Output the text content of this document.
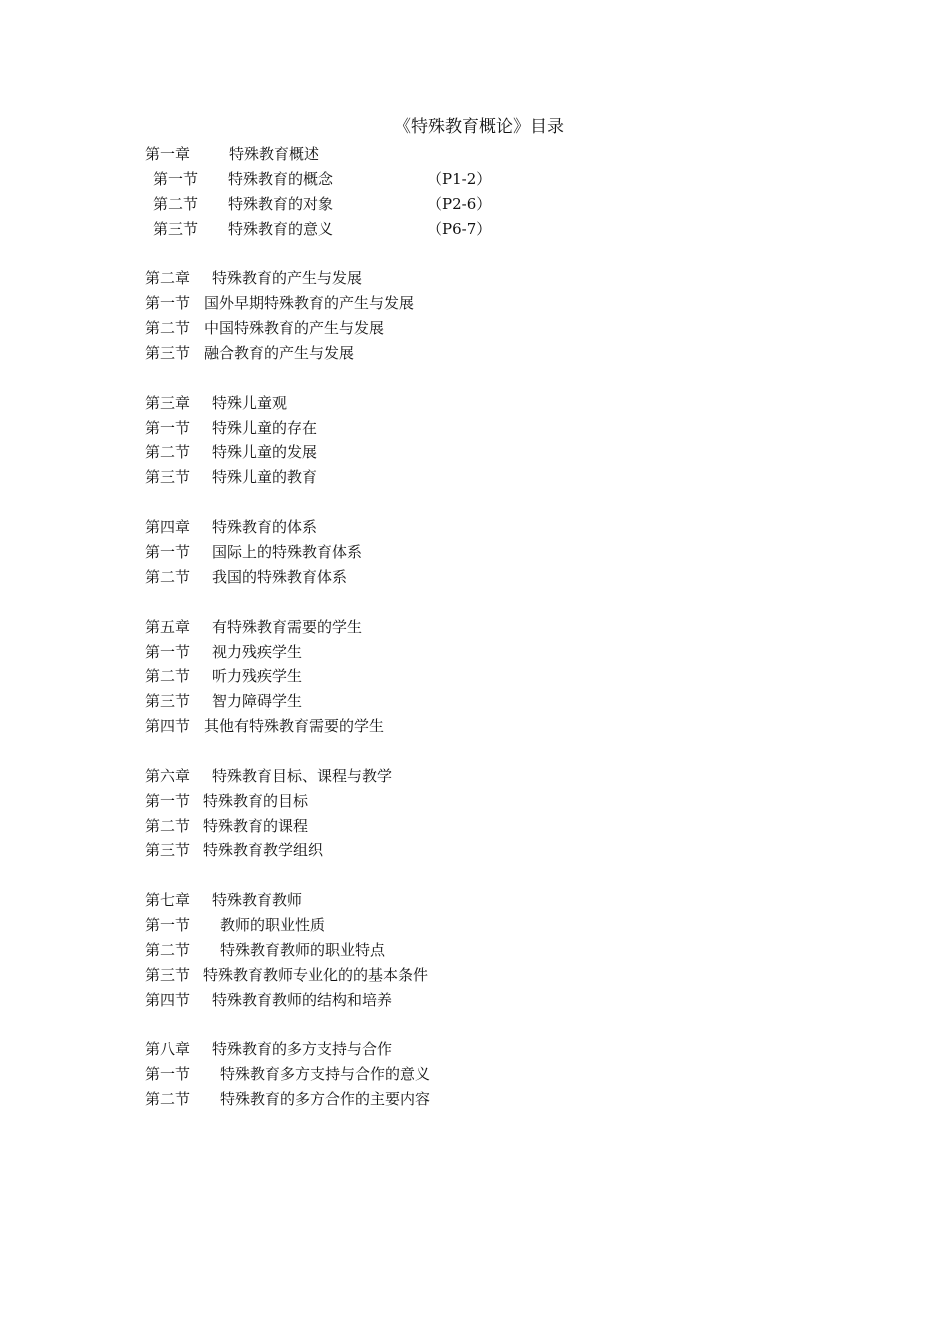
《特殊教育概论》目录
第一章	特殊教育概述
第一节 特殊教育的概念	（P1-2）
第二节 特殊教育的对象	（P2-6）
第三节 特殊教育的意义	（P6-7）
第二章 特殊教育的产生与发展
第一节 国外早期特殊教育的产生与发展
第二节 中国特殊教育的产生与发展
第三节 融合教育的产生与发展
第三章 特殊儿童观
第一节 特殊儿童的存在
第二节 特殊儿童的发展
第三节 特殊儿童的教育
第四章 特殊教育的体系
第一节 国际上的特殊教育体系
第二节 我国的特殊教育体系
第五章 有特殊教育需要的学生
第一节 视力残疾学生
第二节 听力残疾学生
第三节 智力障碍学生
第四节 其他有特殊教育需要的学生
第六章 特殊教育目标、课程与教学
第一节 特殊教育的目标
第二节 特殊教育的课程
第三节 特殊教育教学组织
第七章 特殊教育教师
第一节 教师的职业性质
第二节 特殊教育教师的职业特点
第三节 特殊教育教师专业化的的基本条件
第四节 特殊教育教师的结构和培养
第八章 特殊教育的多方支持与合作
第一节 特殊教育多方支持与合作的意义
第二节 特殊教育的多方合作的主要内容
